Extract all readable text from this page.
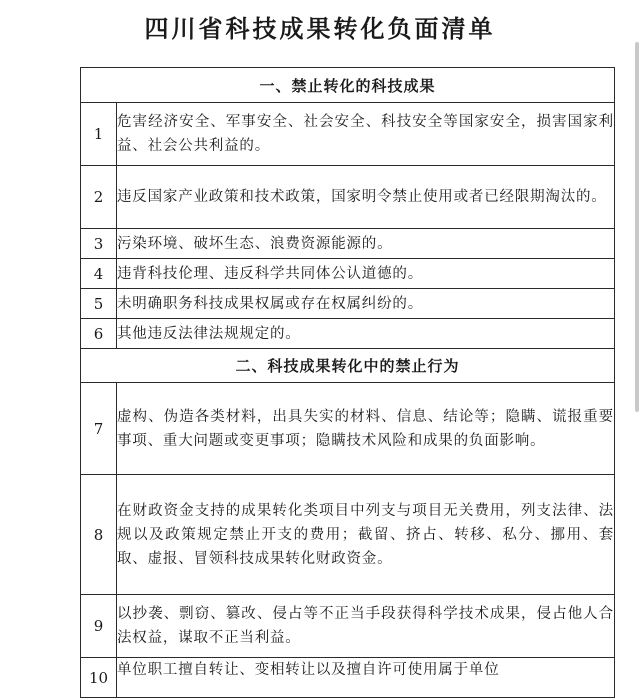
四川省科技成果转化负面清单
一、禁止转化的科技成果	
1	危害经济安全、军事安全、社会安全、科技安全等国家安全，损害国家利益、社会公共利益的。
2	违反国家产业政策和技术政策，国家明令禁止使用或者已经限期淘汰的。
3	污染环境、破坏生态、浪费资源能源的。
4	违背科技伦理、违反科学共同体公认道德的。
5	未明确职务科技成果权属或存在权属纠纷的。
6	其他违反法律法规规定的。
二、科技成果转化中的禁止行为	
7	虚构、伪造各类材料，出具失实的材料、信息、结论等；隐瞒、谎报重要事项、重大问题或变更事项；隐瞒技术风险和成果的负面影响。
8	在财政资金支持的成果转化类项目中列支与项目无关费用，列支法律、法规以及政策规定禁止开支的费用；截留、挤占、转移、私分、挪用、套取、虚报、冒领科技成果转化财政资金。
9	以抄袭、剽窃、篡改、侵占等不正当手段获得科学技术成果，侵占他人合法权益，谋取不正当利益。
10	单位职工擅自转让、变相转让以及擅自许可使用属于单位
